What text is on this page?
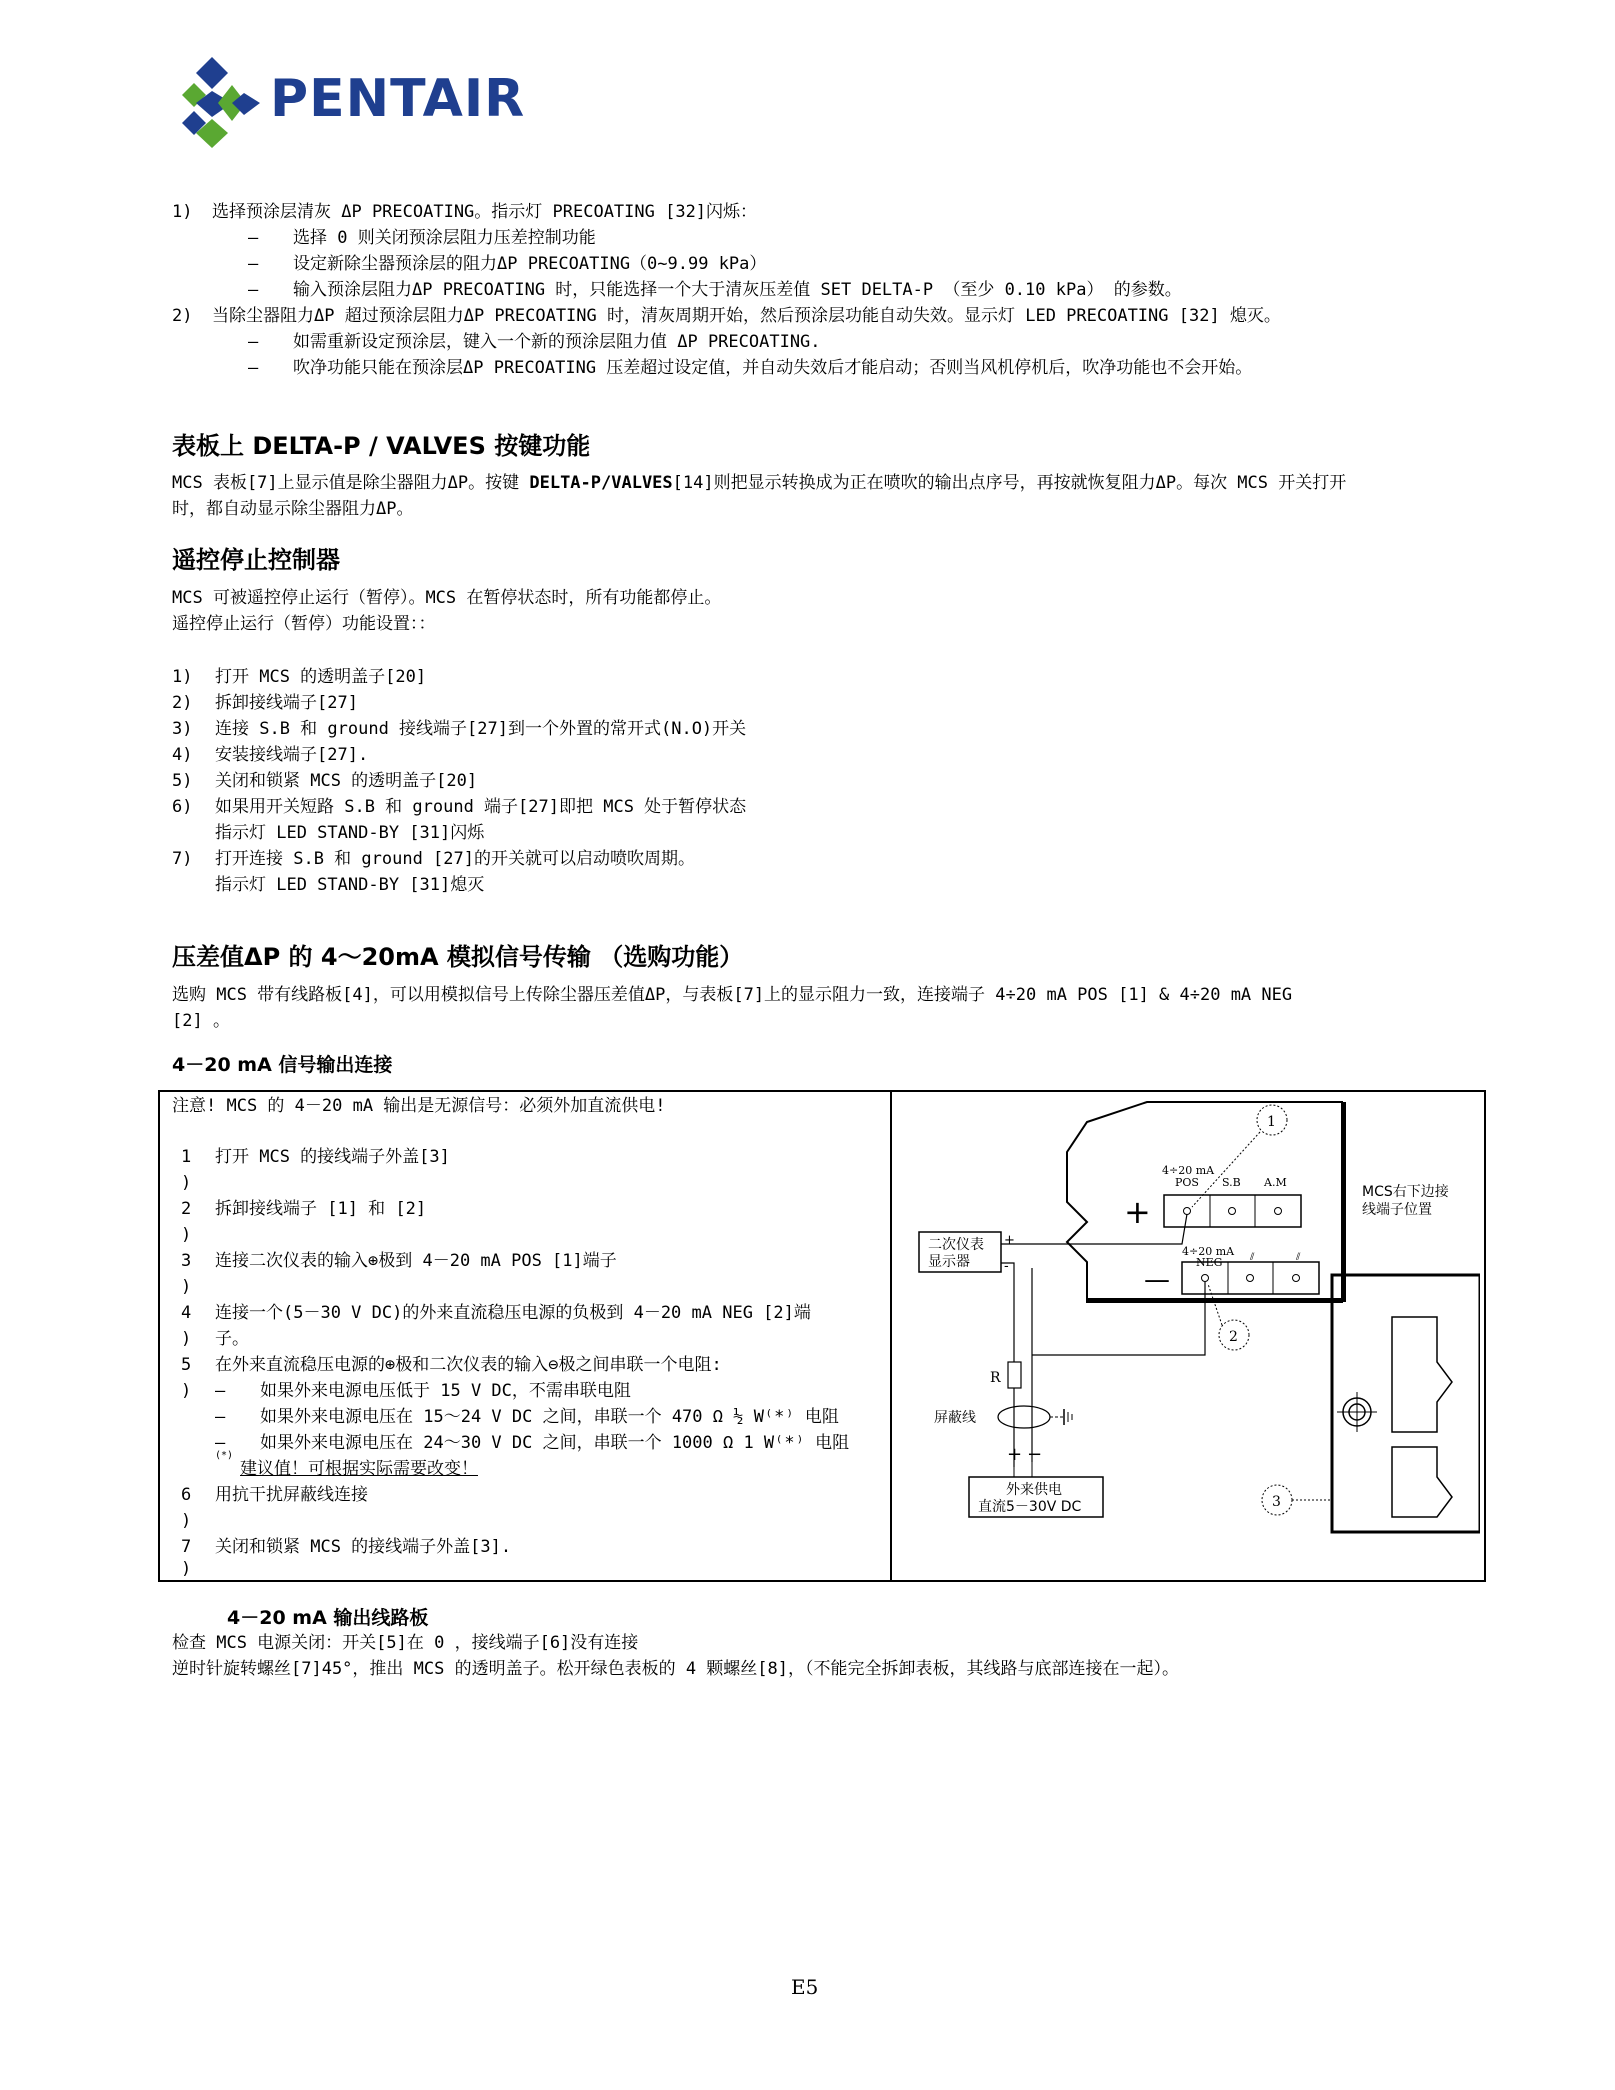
PENTAIR
1) 选择预涂层清灰 ΔP PRECOATING。指示灯 PRECOATING [32]闪烁：
– 选择 0 则关闭预涂层阻力压差控制功能
– 设定新除尘器预涂层的阻力ΔP PRECOATING（0~9.99 kPa）
– 输入预涂层阻力ΔP PRECOATING 时，只能选择一个大于清灰压差值 SET DELTA-P （至少 0.10 kPa） 的参数。
2) 当除尘器阻力ΔP 超过预涂层阻力ΔP PRECOATING 时，清灰周期开始，然后预涂层功能自动失效。显示灯 LED PRECOATING [32] 熄灭。
– 如需重新设定预涂层，键入一个新的预涂层阻力值 ΔP PRECOATING.
– 吹净功能只能在预涂层ΔP PRECOATING 压差超过设定值，并自动失效后才能启动；否则当风机停机后，吹净功能也不会开始。
表板上 DELTA-P / VALVES 按键功能
MCS 表板[7]上显示值是除尘器阻力ΔP。按键 DELTA-P/VALVES[14]则把显示转换成为正在喷吹的输出点序号，再按就恢复阻力ΔP。每次 MCS 开关打开
时，都自动显示除尘器阻力ΔP。
遥控停止控制器
MCS 可被遥控停止运行（暂停）。MCS 在暂停状态时，所有功能都停止。
遥控停止运行（暂停）功能设置：：
1) 打开 MCS 的透明盖子[20]
2) 拆卸接线端子[27]
3) 连接 S.B 和 ground 接线端子[27]到一个外置的常开式(N.O)开关
4) 安装接线端子[27].
5) 关闭和锁紧 MCS 的透明盖子[20]
6) 如果用开关短路 S.B 和 ground 端子[27]即把 MCS 处于暂停状态
指示灯 LED STAND-BY [31]闪烁
7) 打开连接 S.B 和 ground [27]的开关就可以启动喷吹周期。
指示灯 LED STAND-BY [31]熄灭
压差值ΔP 的 4～20mA 模拟信号传输 （选购功能）
选购 MCS 带有线路板[4]，可以用模拟信号上传除尘器压差值ΔP，与表板[7]上的显示阻力一致，连接端子 4÷20 mA POS [1] & 4÷20 mA NEG
[2] 。
4－20 mA 信号输出连接
注意! MCS 的 4－20 mA 输出是无源信号：必须外加直流供电!
1 打开 MCS 的接线端子外盖[3]
)
2 拆卸接线端子 [1] 和 [2]
)
3 连接二次仪表的输入⊕极到 4－20 mA POS [1]端子
)
4 连接一个(5－30 V DC)的外来直流稳压电源的负极到 4－20 mA NEG [2]端
) 子。
5 在外来直流稳压电源的⊕极和二次仪表的输入⊖极之间串联一个电阻:
) – 如果外来电源电压低于 15 V DC，不需串联电阻
– 如果外来电源电压在 15～24 V DC 之间，串联一个 470 Ω ½ W⁽*⁾ 电阻
– 如果外来电源电压在 24～30 V DC 之间，串联一个 1000 Ω 1 W⁽*⁾ 电阻
(*)
建议值！可根据实际需要改变！
6 用抗干扰屏蔽线连接
)
7 关闭和锁紧 MCS 的接线端子外盖[3].
)
4÷20 mA
POS S.B A.M
4÷20 mA
NEG	⫽	⫽
+
—
1
2
3
MCS右下边接
线端子位置
二次仪表
显示器
+
-
R
屏蔽线
+ −
外来供电
直流5－30V DC
4－20 mA 输出线路板
检查 MCS 电源关闭：开关[5]在 0 ，接线端子[6]没有连接
逆时针旋转螺丝[7]45°，推出 MCS 的透明盖子。松开绿色表板的 4 颗螺丝[8]，（不能完全拆卸表板，其线路与底部连接在一起）。
E5
